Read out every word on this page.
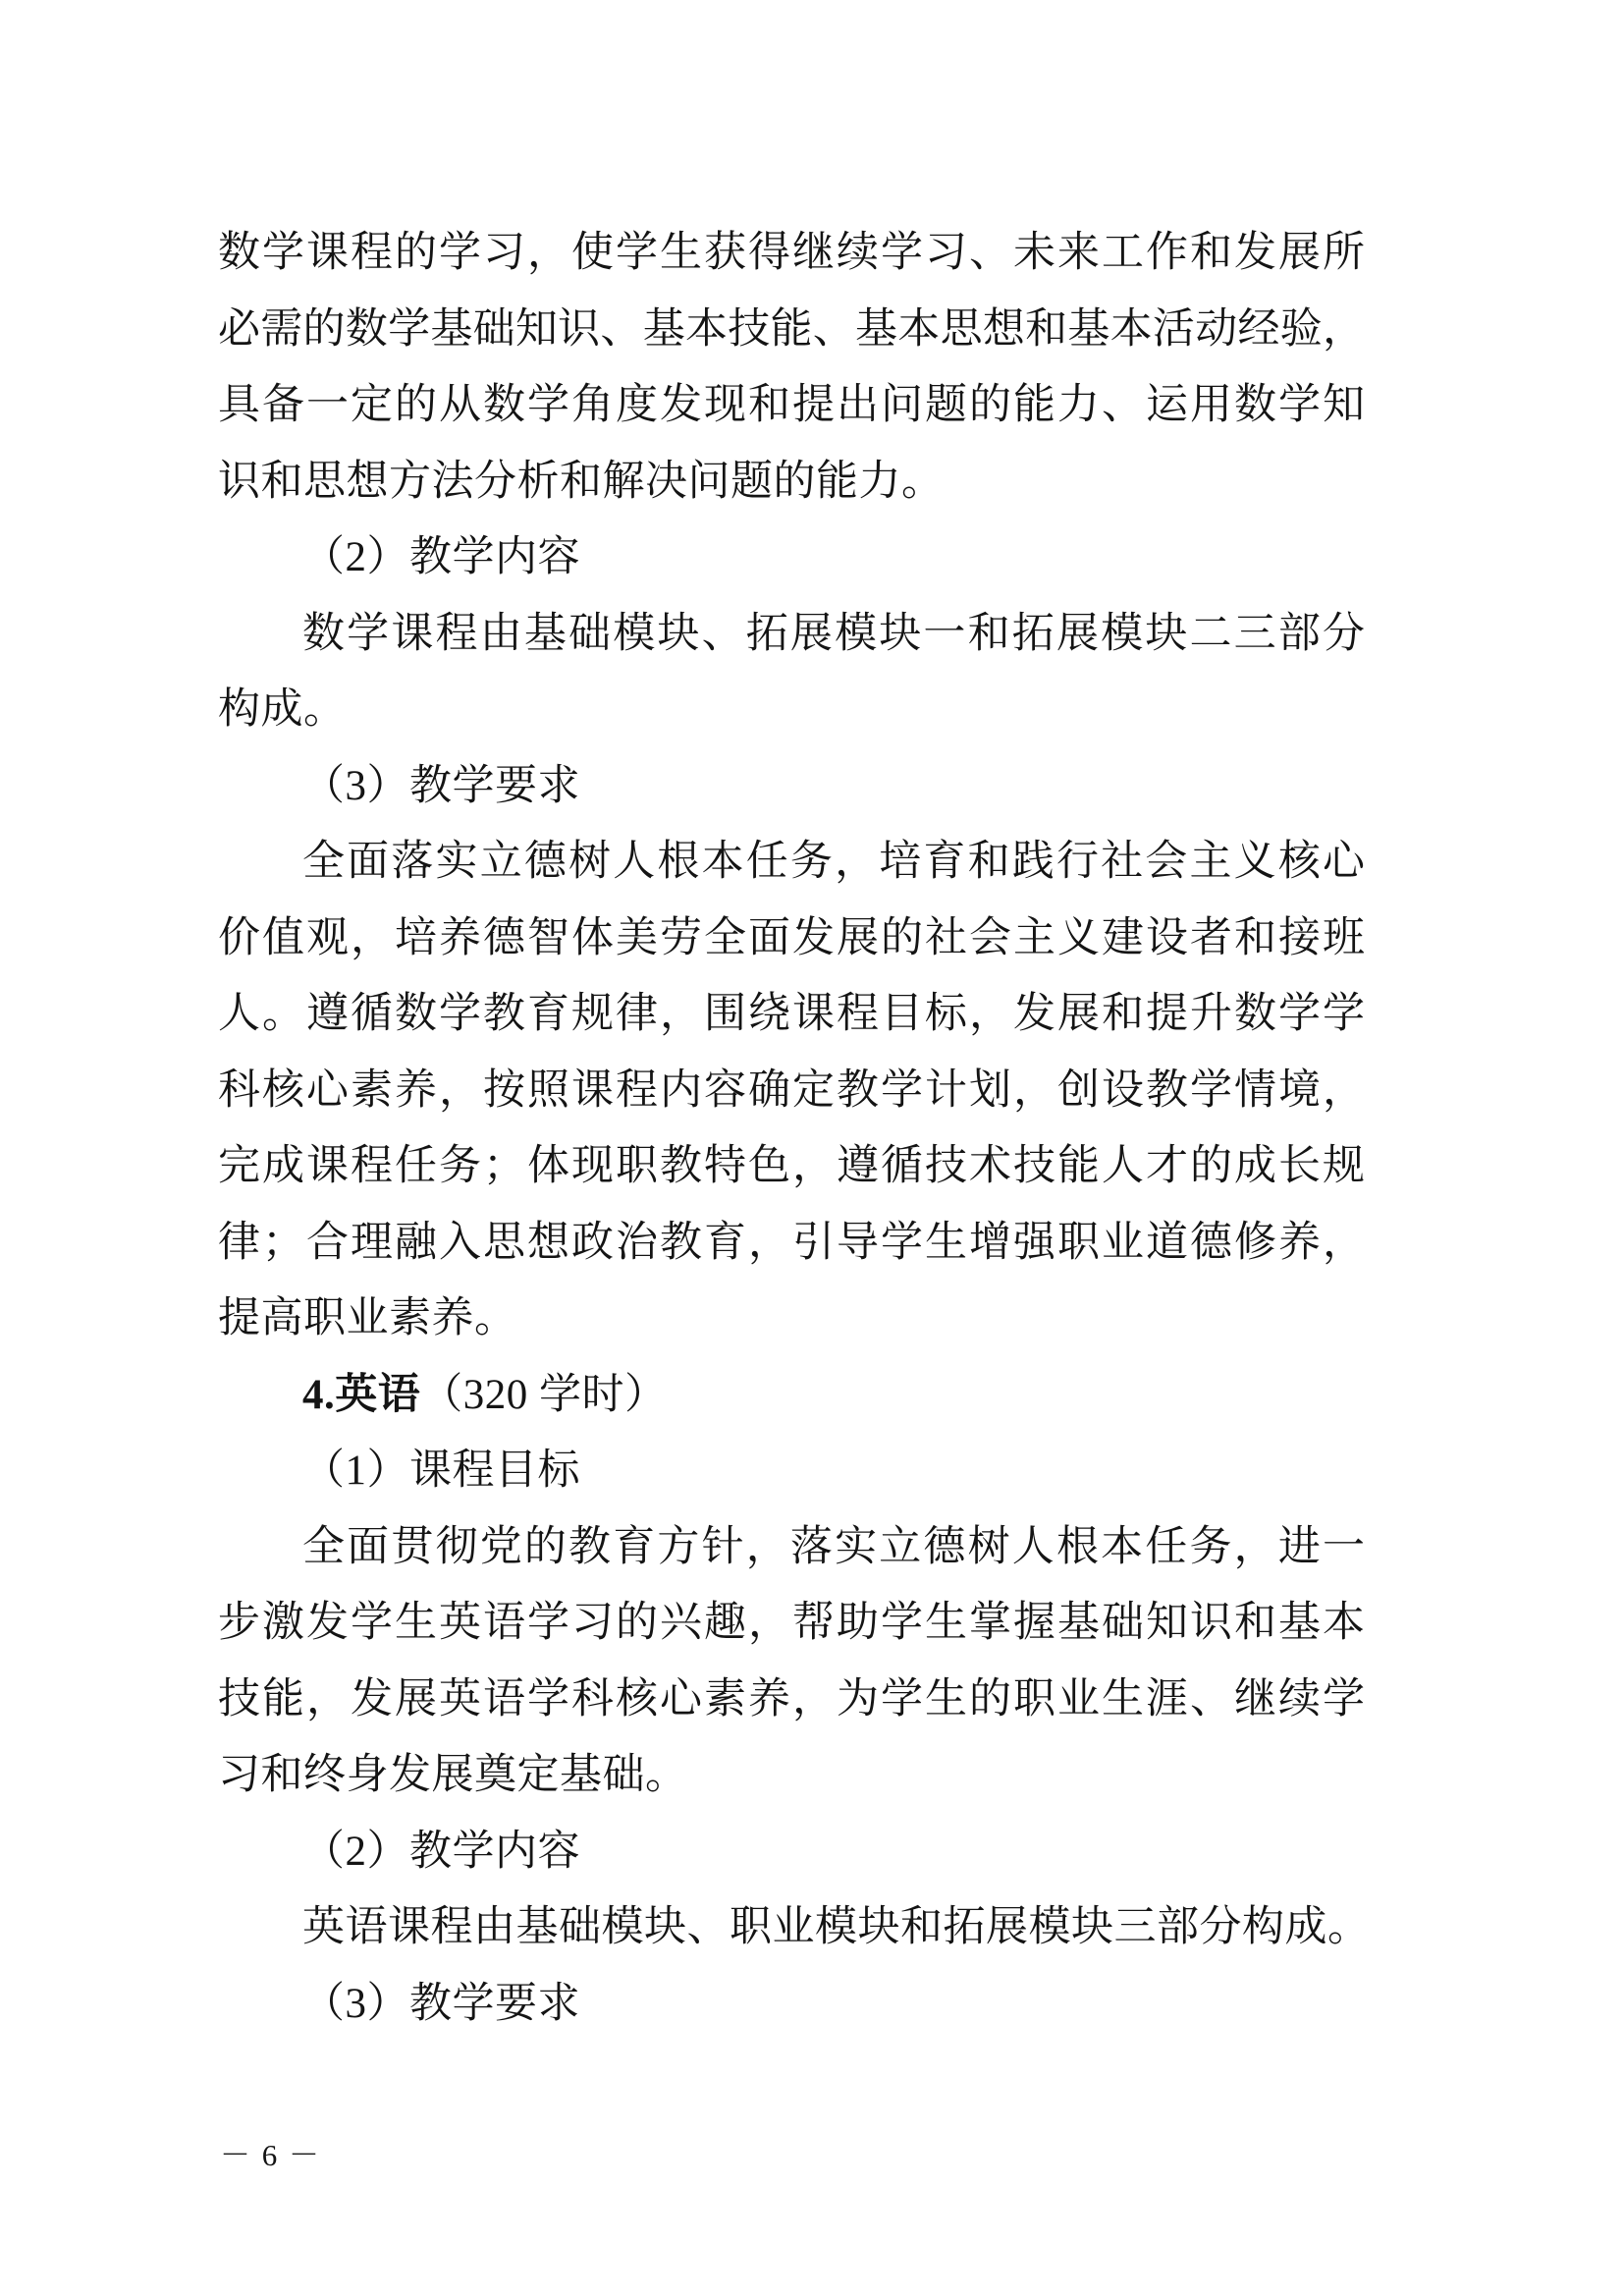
数学课程的学习，使学生获得继续学习、未来工作和发展所
必需的数学基础知识、基本技能、基本思想和基本活动经验，
具备一定的从数学角度发现和提出问题的能力、运用数学知
识和思想方法分析和解决问题的能力。
（2）教学内容
数学课程由基础模块、拓展模块一和拓展模块二三部分
构成。
（3）教学要求
全面落实立德树人根本任务，培育和践行社会主义核心
价值观，培养德智体美劳全面发展的社会主义建设者和接班
人。遵循数学教育规律，围绕课程目标，发展和提升数学学
科核心素养，按照课程内容确定教学计划，创设教学情境，
完成课程任务；体现职教特色，遵循技术技能人才的成长规
律；合理融入思想政治教育，引导学生增强职业道德修养，
提高职业素养。
4.英语（320 学时）
（1）课程目标
全面贯彻党的教育方针，落实立德树人根本任务，进一
步激发学生英语学习的兴趣，帮助学生掌握基础知识和基本
技能，发展英语学科核心素养，为学生的职业生涯、继续学
习和终身发展奠定基础。
（2）教学内容
英语课程由基础模块、职业模块和拓展模块三部分构成。
（3）教学要求
－ 6 －
